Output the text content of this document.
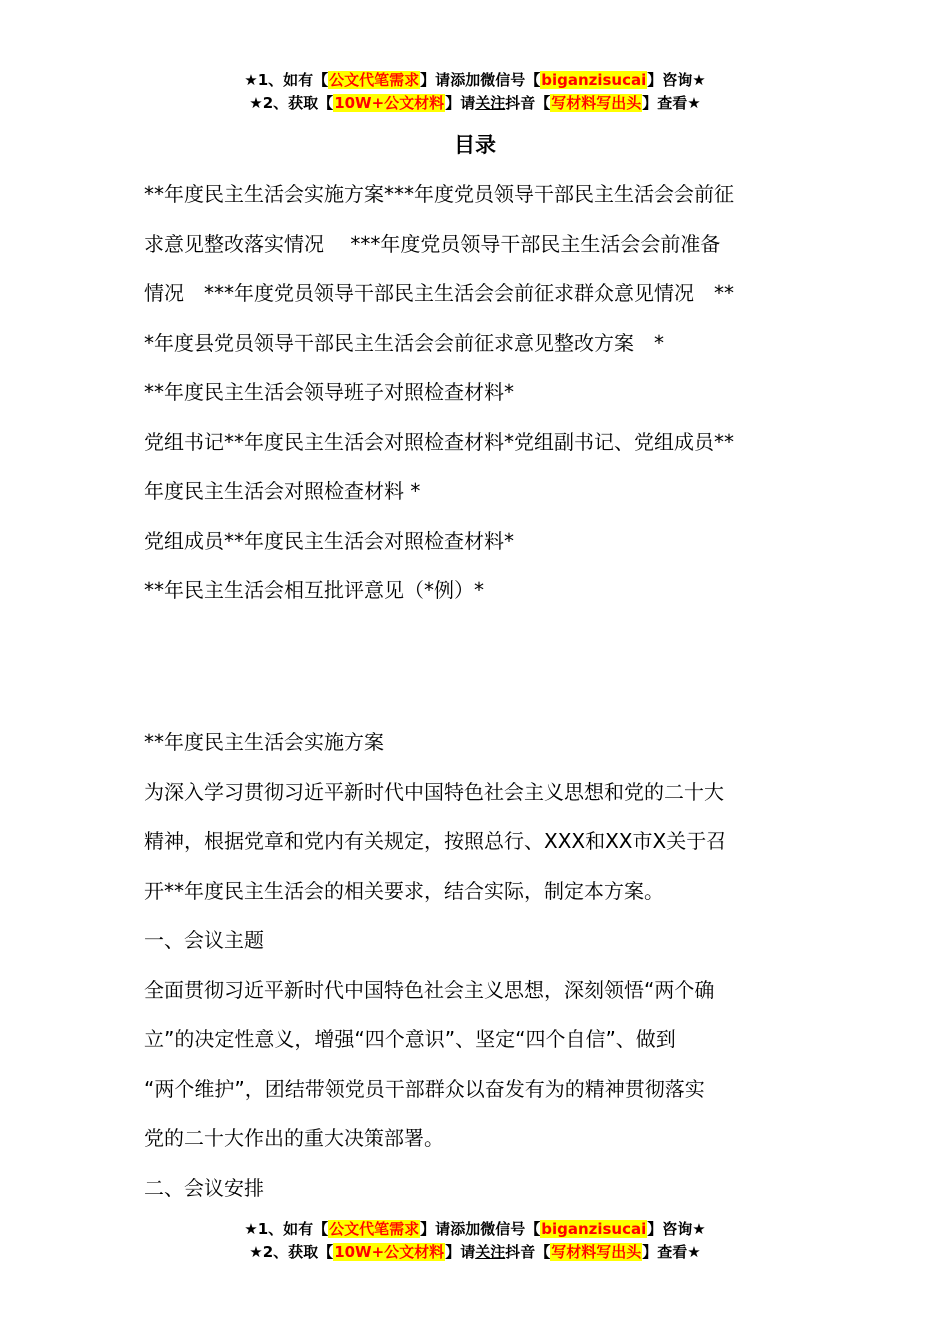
★1、如有【公文代笔需求】请添加微信号【biganzisucai】咨询★
★2、获取【10W+公文材料】请关注抖音【写材料写出头】查看★
目录
**年度民主生活会实施方案***年度党员领导干部民主生活会会前征
求意见整改落实情况　 ***年度党员领导干部民主生活会会前准备
情况　***年度党员领导干部民主生活会会前征求群众意见情况　**
*年度县党员领导干部民主生活会会前征求意见整改方案　*
**年度民主生活会领导班子对照检查材料*
党组书记**年度民主生活会对照检查材料*党组副书记、党组成员**
年度民主生活会对照检查材料 *
党组成员**年度民主生活会对照检查材料*
**年民主生活会相互批评意见（*例）*
**年度民主生活会实施方案
为深入学习贯彻习近平新时代中国特色社会主义思想和党的二十大
精神，根据党章和党内有关规定，按照总行、XXX和XX市X关于召
开**年度民主生活会的相关要求，结合实际，制定本方案。
一、会议主题
全面贯彻习近平新时代中国特色社会主义思想，深刻领悟“两个确
立”的决定性意义，增强“四个意识”、坚定“四个自信”、做到
“两个维护”，团结带领党员干部群众以奋发有为的精神贯彻落实
党的二十大作出的重大决策部署。
二、会议安排
★1、如有【公文代笔需求】请添加微信号【biganzisucai】咨询★
★2、获取【10W+公文材料】请关注抖音【写材料写出头】查看★
